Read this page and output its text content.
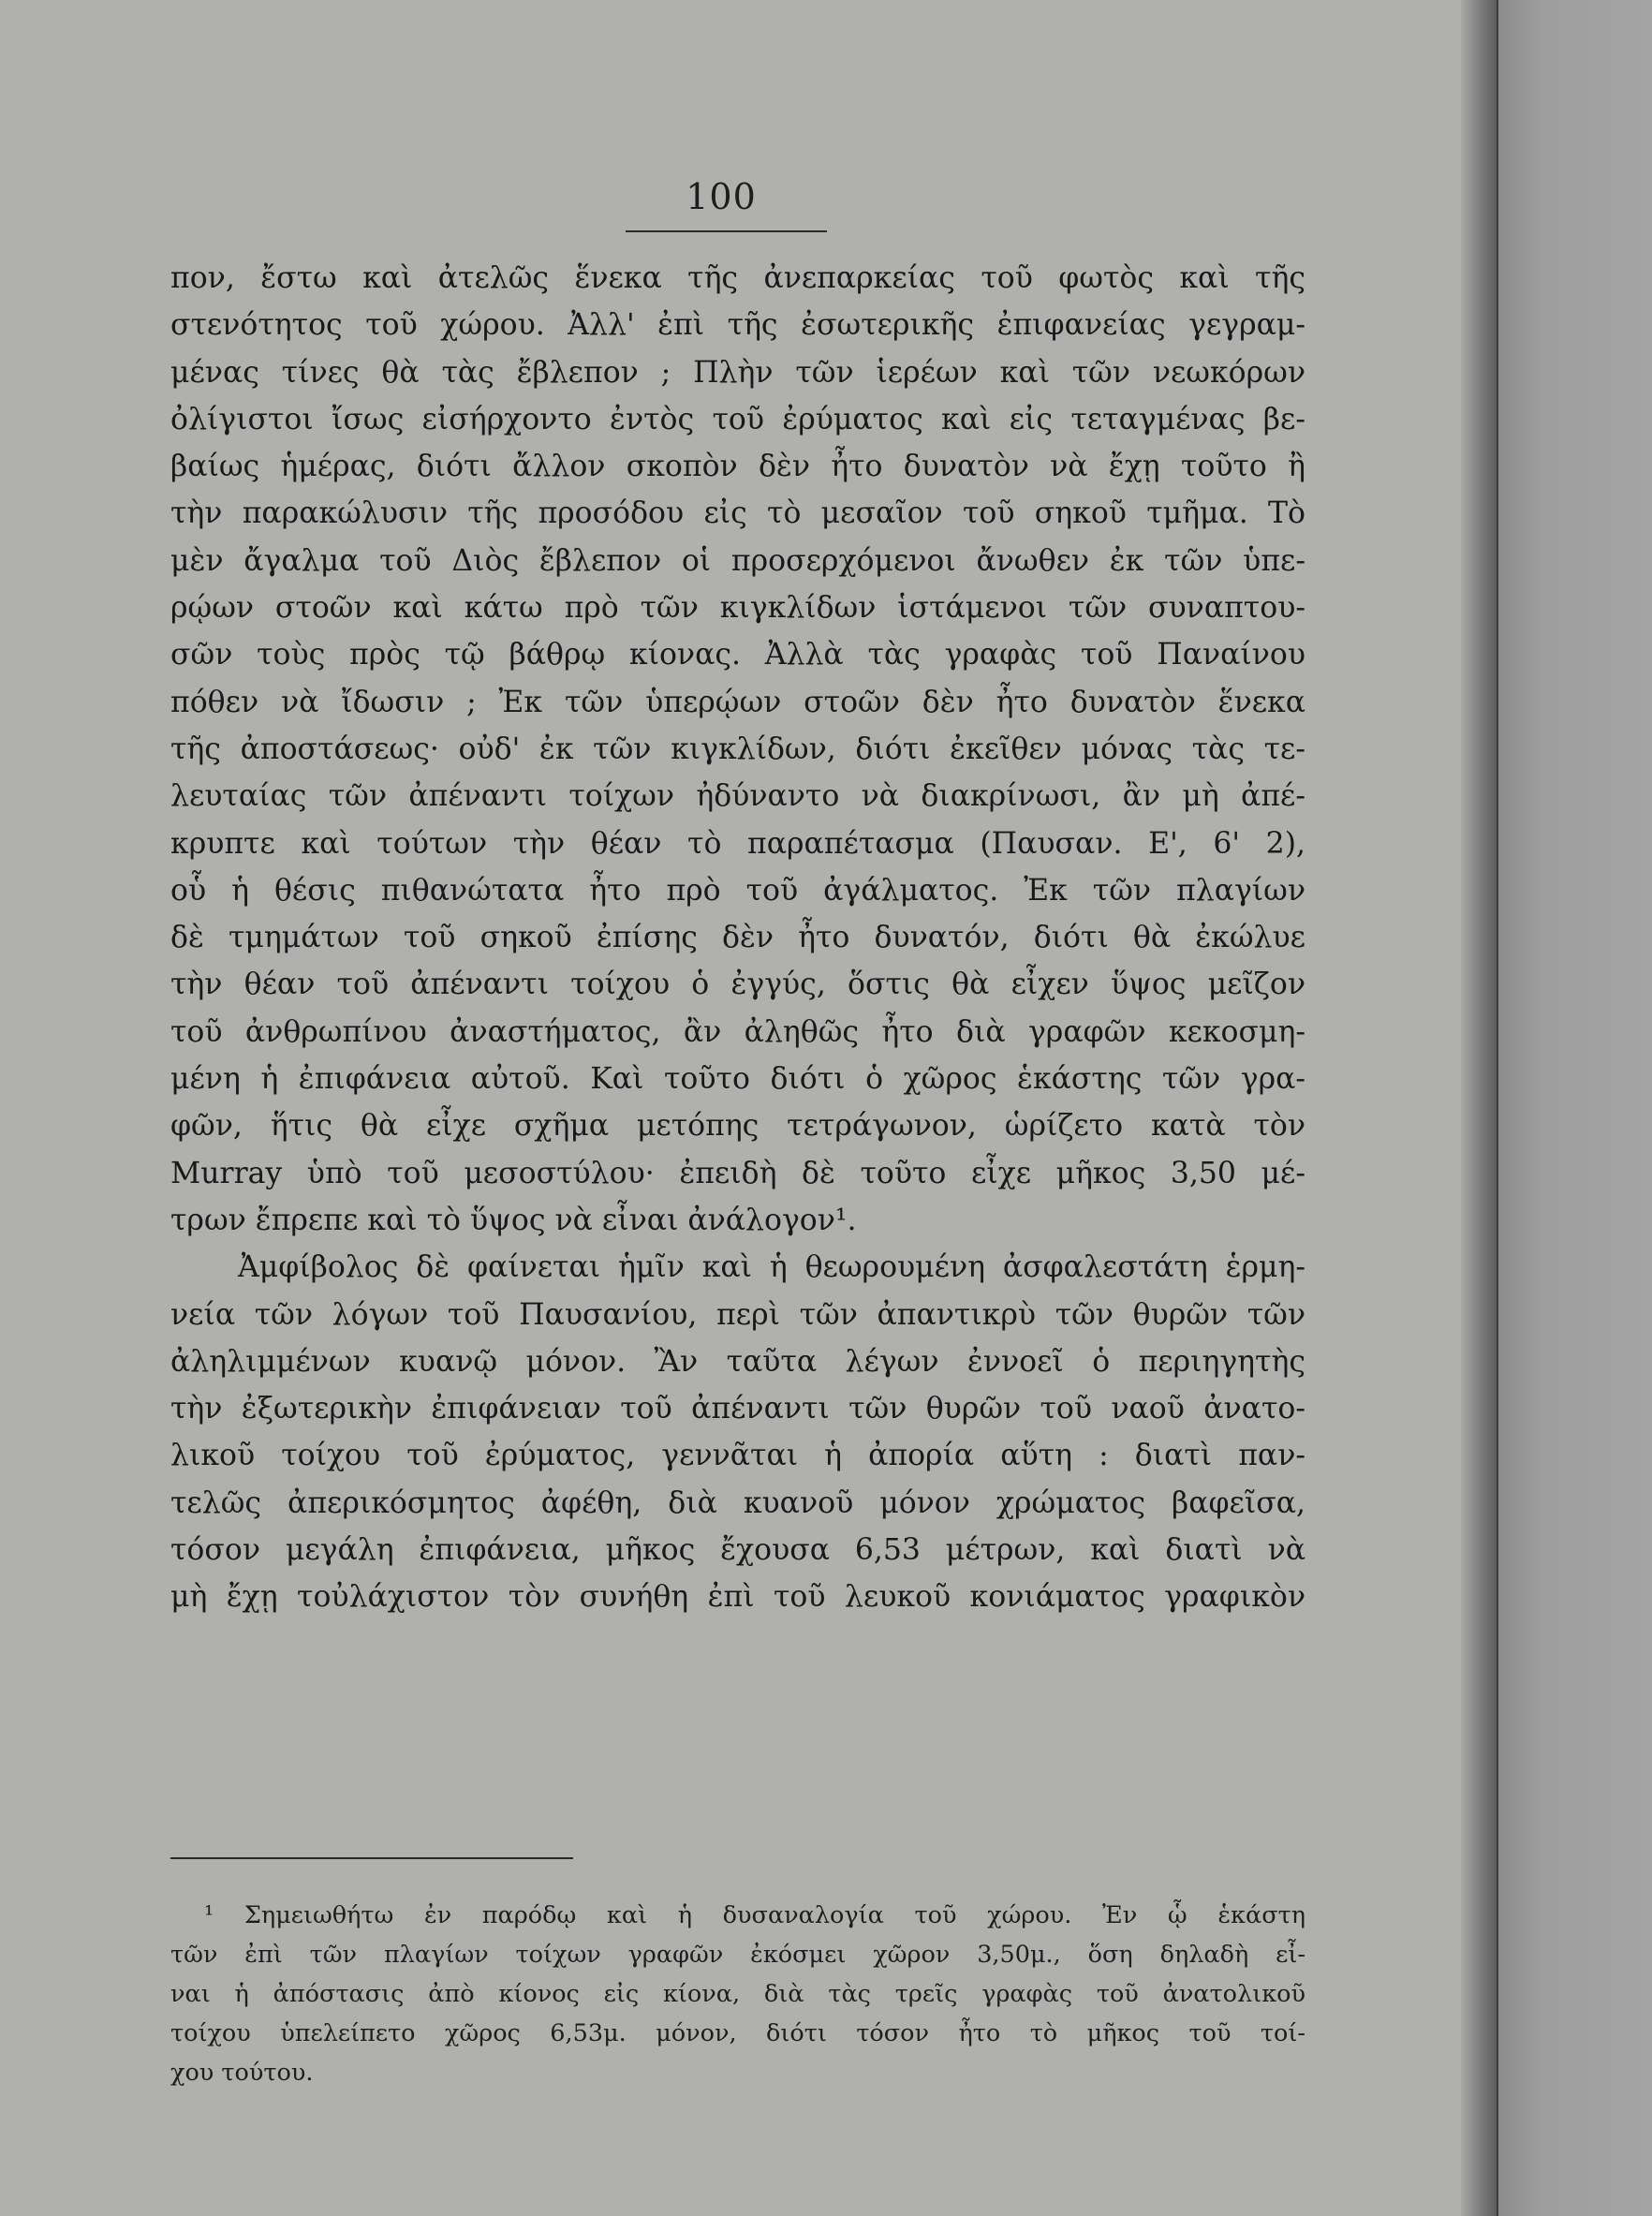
100
πον, ἔστω καὶ ἀτελῶς ἕνεκα τῆς ἀνεπαρκείας τοῦ φωτὸς καὶ τῆς
στενότητος τοῦ χώρου. Ἀλλ' ἐπὶ τῆς ἐσωτερικῆς ἐπιφανείας γεγραμ-
μένας τίνες θὰ τὰς ἔβλεπον ; Πλὴν τῶν ἱερέων καὶ τῶν νεωκόρων
ὀλίγιστοι ἴσως εἰσήρχοντο ἐντὸς τοῦ ἐρύματος καὶ εἰς τεταγμένας βε-
βαίως ἡμέρας, διότι ἄλλον σκοπὸν δὲν ἦτο δυνατὸν νὰ ἔχῃ τοῦτο ἢ
τὴν παρακώλυσιν τῆς προσόδου εἰς τὸ μεσαῖον τοῦ σηκοῦ τμῆμα. Τὸ
μὲν ἄγαλμα τοῦ Διὸς ἔβλεπον οἱ προσερχόμενοι ἄνωθεν ἐκ τῶν ὑπε-
ρῴων στοῶν καὶ κάτω πρὸ τῶν κιγκλίδων ἱστάμενοι τῶν συναπτου-
σῶν τοὺς πρὸς τῷ βάθρῳ κίονας. Ἀλλὰ τὰς γραφὰς τοῦ Παναίνου
πόθεν νὰ ἴδωσιν ; Ἐκ τῶν ὑπερῴων στοῶν δὲν ἦτο δυνατὸν ἕνεκα
τῆς ἀποστάσεως· οὐδ' ἐκ τῶν κιγκλίδων, διότι ἐκεῖθεν μόνας τὰς τε-
λευταίας τῶν ἀπέναντι τοίχων ἠδύναντο νὰ διακρίνωσι, ἂν μὴ ἀπέ-
κρυπτε καὶ τούτων τὴν θέαν τὸ παραπέτασμα (Παυσαν. Ε', 6' 2),
οὗ ἡ θέσις πιθανώτατα ἦτο πρὸ τοῦ ἀγάλματος. Ἐκ τῶν πλαγίων
δὲ τμημάτων τοῦ σηκοῦ ἐπίσης δὲν ἦτο δυνατόν, διότι θὰ ἐκώλυε
τὴν θέαν τοῦ ἀπέναντι τοίχου ὁ ἐγγύς, ὅστις θὰ εἶχεν ὕψος μεῖζον
τοῦ ἀνθρωπίνου ἀναστήματος, ἂν ἀληθῶς ἦτο διὰ γραφῶν κεκοσμη-
μένη ἡ ἐπιφάνεια αὐτοῦ. Καὶ τοῦτο διότι ὁ χῶρος ἑκάστης τῶν γρα-
φῶν, ἥτις θὰ εἶχε σχῆμα μετόπης τετράγωνον, ὡρίζετο κατὰ τὸν
Murray ὑπὸ τοῦ μεσοστύλου· ἐπειδὴ δὲ τοῦτο εἶχε μῆκος 3,50 μέ-
τρων ἔπρεπε καὶ τὸ ὕψος νὰ εἶναι ἀνάλογον¹.
Ἀμφίβολος δὲ φαίνεται ἡμῖν καὶ ἡ θεωρουμένη ἀσφαλεστάτη ἑρμη-
νεία τῶν λόγων τοῦ Παυσανίου, περὶ τῶν ἀπαντικρὺ τῶν θυρῶν τῶν
ἀληλιμμένων κυανῷ μόνον. Ἂν ταῦτα λέγων ἐννοεῖ ὁ περιηγητὴς
τὴν ἐξωτερικὴν ἐπιφάνειαν τοῦ ἀπέναντι τῶν θυρῶν τοῦ ναοῦ ἀνατο-
λικοῦ τοίχου τοῦ ἐρύματος, γεννᾶται ἡ ἀπορία αὕτη : διατὶ παν-
τελῶς ἀπερικόσμητος ἀφέθη, διὰ κυανοῦ μόνον χρώματος βαφεῖσα,
τόσον μεγάλη ἐπιφάνεια, μῆκος ἔχουσα 6,53 μέτρων, καὶ διατὶ νὰ
μὴ ἔχῃ τοὐλάχιστον τὸν συνήθη ἐπὶ τοῦ λευκοῦ κονιάματος γραφικὸν
¹ Σημειωθήτω ἐν παρόδῳ καὶ ἡ δυσαναλογία τοῦ χώρου. Ἐν ᾧ ἑκάστη
τῶν ἐπὶ τῶν πλαγίων τοίχων γραφῶν ἐκόσμει χῶρον 3,50μ., ὅση δηλαδὴ εἶ-
ναι ἡ ἀπόστασις ἀπὸ κίονος εἰς κίονα, διὰ τὰς τρεῖς γραφὰς τοῦ ἀνατολικοῦ
τοίχου ὑπελείπετο χῶρος 6,53μ. μόνον, διότι τόσον ἦτο τὸ μῆκος τοῦ τοί-
χου τούτου.
